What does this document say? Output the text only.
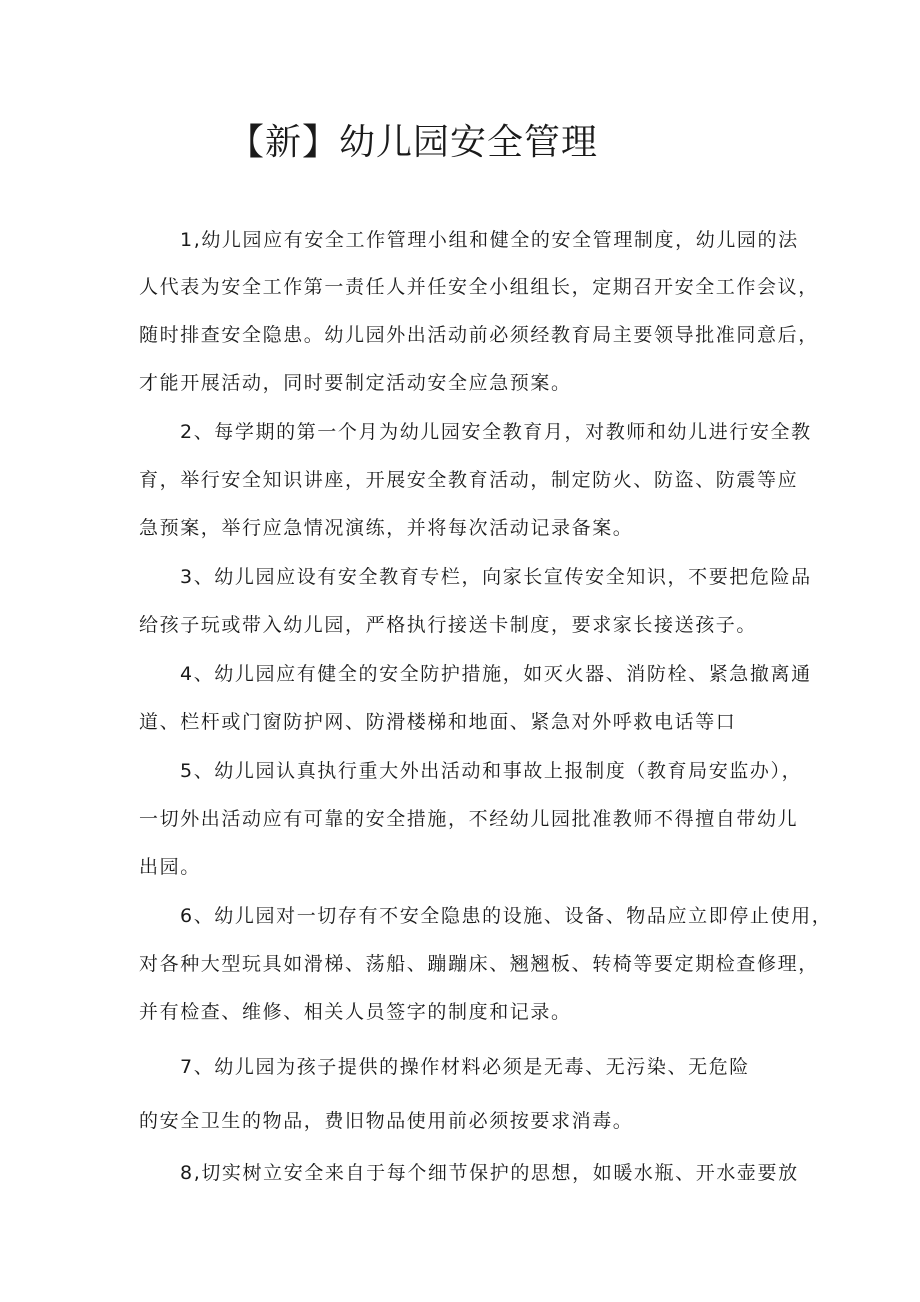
【新】幼儿园安全管理
1,幼儿园应有安全工作管理小组和健全的安全管理制度，幼儿园的法
人代表为安全工作第一责任人并任安全小组组长，定期召开安全工作会议，
随时排查安全隐患。幼儿园外出活动前必须经教育局主要领导批准同意后，
才能开展活动，同时要制定活动安全应急预案。
2、每学期的第一个月为幼儿园安全教育月，对教师和幼儿进行安全教
育，举行安全知识讲座，开展安全教育活动，制定防火、防盗、防震等应
急预案，举行应急情况演练，并将每次活动记录备案。
3、幼儿园应设有安全教育专栏，向家长宣传安全知识，不要把危险品
给孩子玩或带入幼儿园，严格执行接送卡制度，要求家长接送孩子。
4、幼儿园应有健全的安全防护措施，如灭火器、消防栓、紧急撤离通
道、栏杆或门窗防护网、防滑楼梯和地面、紧急对外呼救电话等口
5、幼儿园认真执行重大外出活动和事故上报制度（教育局安监办），
一切外出活动应有可靠的安全措施，不经幼儿园批准教师不得擅自带幼儿
出园。
6、幼儿园对一切存有不安全隐患的设施、设备、物品应立即停止使用，
对各种大型玩具如滑梯、荡船、蹦蹦床、翘翘板、转椅等要定期检查修理，
并有检查、维修、相关人员签字的制度和记录。
7、幼儿园为孩子提供的操作材料必须是无毒、无污染、无危险
的安全卫生的物品，费旧物品使用前必须按要求消毒。
8,切实树立安全来自于每个细节保护的思想，如暖水瓶、开水壶要放
